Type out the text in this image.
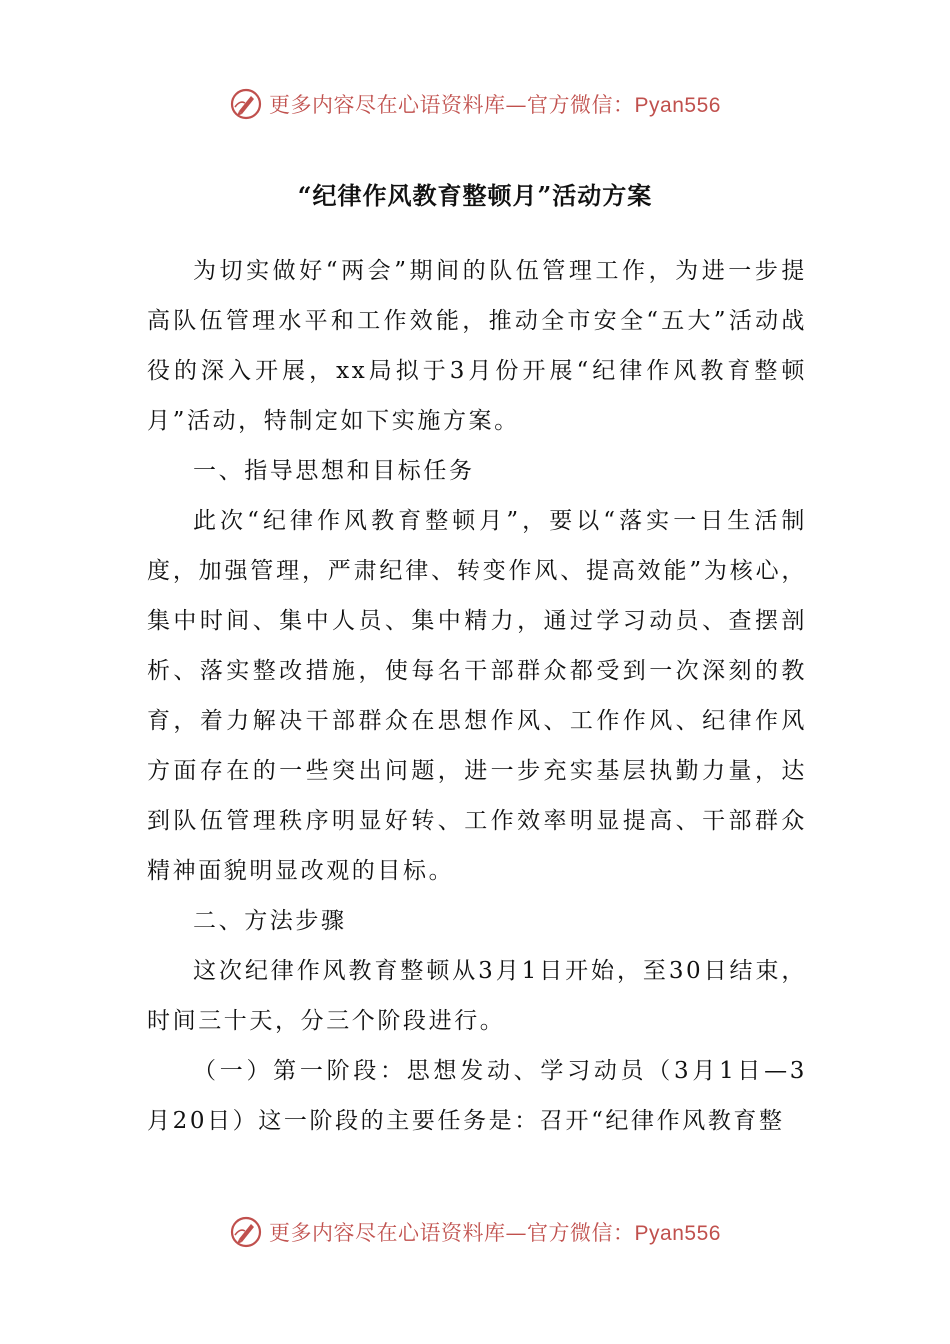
更多内容尽在心语资料库—官方微信：Pyan556
“纪律作风教育整顿月”活动方案

为切实做好“两会”期间的队伍管理工作，为进一步提高队伍管理水平和工作效能，推动全市安全“五大”活动战役的深入开展，xx局拟于3月份开展“纪律作风教育整顿月”活动，特制定如下实施方案。

一、指导思想和目标任务

此次“纪律作风教育整顿月”，要以“落实一日生活制度，加强管理，严肃纪律、转变作风、提高效能”为核心，集中时间、集中人员、集中精力，通过学习动员、查摆剖析、落实整改措施，使每名干部群众都受到一次深刻的教育，着力解决干部群众在思想作风、工作作风、纪律作风方面存在的一些突出问题，进一步充实基层执勤力量，达到队伍管理秩序明显好转、工作效率明显提高、干部群众精神面貌明显改观的目标。

二、方法步骤

这次纪律作风教育整顿从3月1日开始，至30日结束，时间三十天，分三个阶段进行。

（一）第一阶段：思想发动、学习动员（3月1日—3月20日）这一阶段的主要任务是：召开“纪律作风教育整

更多内容尽在心语资料库—官方微信：Pyan556
